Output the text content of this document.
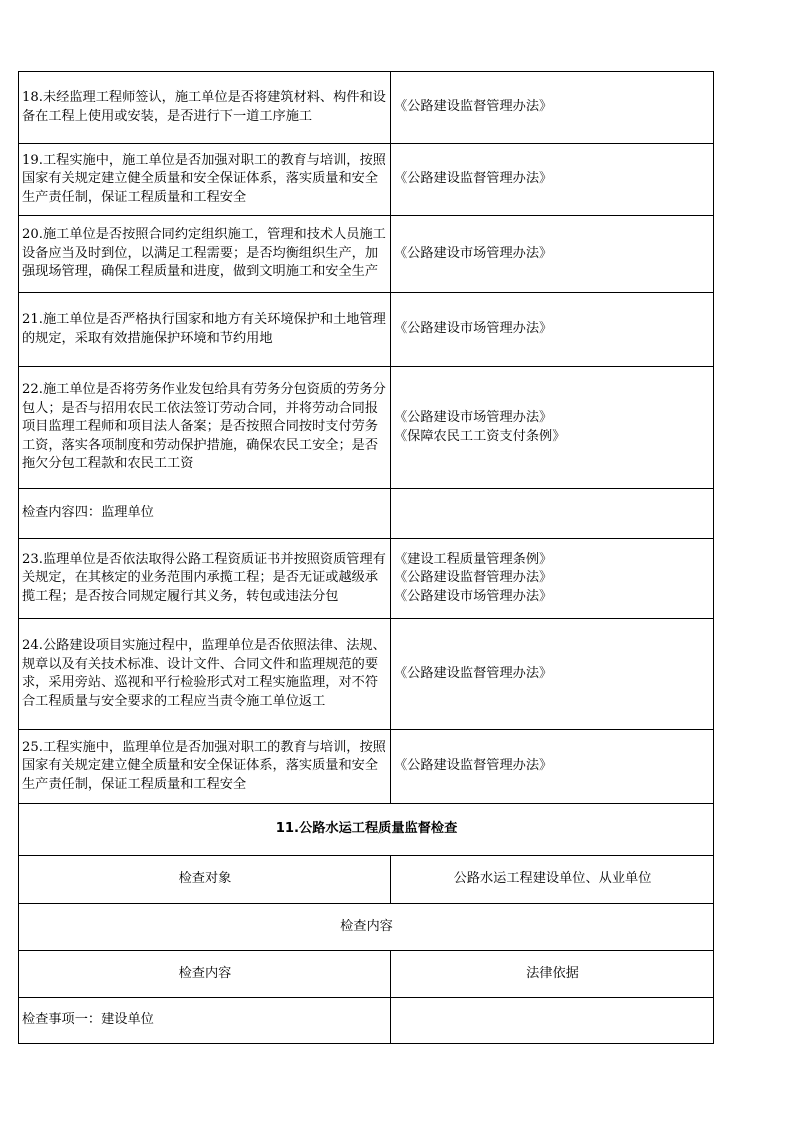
18.未经监理工程师签认，施工单位是否将建筑材料、构件和设备在工程上使用或安装，是否进行下一道工序施工	《公路建设监督管理办法》

19.工程实施中，施工单位是否加强对职工的教育与培训，按照国家有关规定建立健全质量和安全保证体系，落实质量和安全生产责任制，保证工程质量和工程安全	《公路建设监督管理办法》

20.施工单位是否按照合同约定组织施工，管理和技术人员施工设备应当及时到位，以满足工程需要；是否均衡组织生产，加强现场管理，确保工程质量和进度，做到文明施工和安全生产	《公路建设市场管理办法》

21.施工单位是否严格执行国家和地方有关环境保护和土地管理的规定，采取有效措施保护环境和节约用地	《公路建设市场管理办法》

22.施工单位是否将劳务作业发包给具有劳务分包资质的劳务分包人；是否与招用农民工依法签订劳动合同，并将劳动合同报项目监理工程师和项目法人备案；是否按照合同按时支付劳务工资，落实各项制度和劳动保护措施，确保农民工安全；是否拖欠分包工程款和农民工工资	《公路建设市场管理办法》
《保障农民工工资支付条例》

检查内容四：监理单位	
23.监理单位是否依法取得公路工程资质证书并按照资质管理有关规定，在其核定的业务范围内承揽工程；是否无证或越级承揽工程；是否按合同规定履行其义务，转包或违法分包	《建设工程质量管理条例》
《公路建设监督管理办法》
《公路建设市场管理办法》

24.公路建设项目实施过程中，监理单位是否依照法律、法规、规章以及有关技术标准、设计文件、合同文件和监理规范的要求，采用旁站、巡视和平行检验形式对工程实施监理，对不符合工程质量与安全要求的工程应当责令施工单位返工	《公路建设监督管理办法》

25.工程实施中，监理单位是否加强对职工的教育与培训，按照国家有关规定建立健全质量和安全保证体系，落实质量和安全生产责任制，保证工程质量和工程安全	《公路建设监督管理办法》

11.公路水运工程质量监督检查	
检查对象	公路水运工程建设单位、从业单位
检查内容	
检查内容	法律依据
检查事项一：建设单位	
